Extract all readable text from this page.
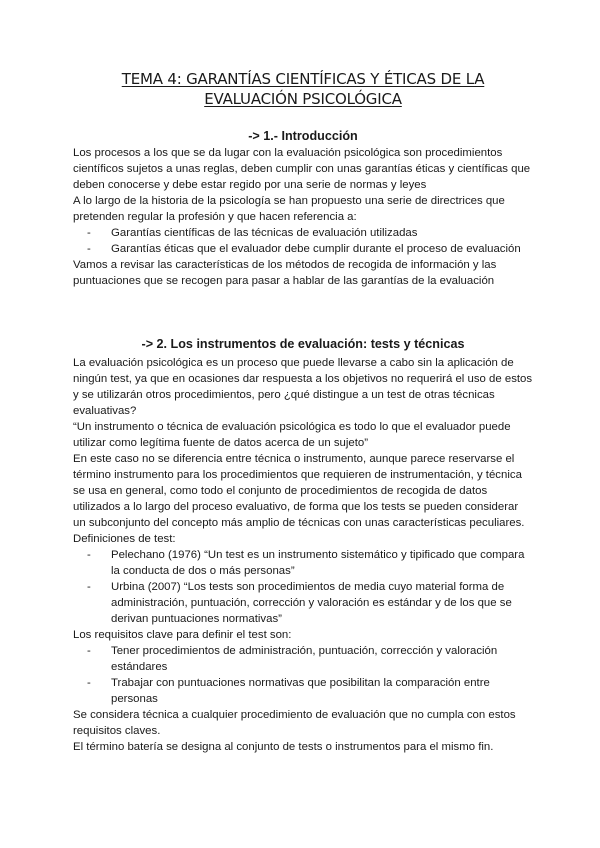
TEMA 4: GARANTÍAS CIENTÍFICAS Y ÉTICAS DE LA
EVALUACIÓN PSICOLÓGICA
-> 1.- Introducción

Los procesos a los que se da lugar con la evaluación psicológica son procedimientos científicos sujetos a unas reglas, deben cumplir con unas garantías éticas y científicas que deben conocerse y debe estar regido por una serie de normas y leyes

A lo largo de la historia de la psicología se han propuesto una serie de directrices que pretenden regular la profesión y que hacen referencia a:

- Garantías científicas de las técnicas de evaluación utilizadas
- Garantías éticas que el evaluador debe cumplir durante el proceso de evaluación

Vamos a revisar las características de los métodos de recogida de información y las puntuaciones que se recogen para pasar a hablar de las garantías de la evaluación

-> 2. Los instrumentos de evaluación: tests y técnicas

La evaluación psicológica es un proceso que puede llevarse a cabo sin la aplicación de ningún test, ya que en ocasiones dar respuesta a los objetivos no requerirá el uso de estos y se utilizarán otros procedimientos, pero ¿qué distingue a un test de otras técnicas evaluativas?

“Un instrumento o técnica de evaluación psicológica es todo lo que el evaluador puede utilizar como legítima fuente de datos acerca de un sujeto”

En este caso no se diferencia entre técnica o instrumento, aunque parece reservarse el término instrumento para los procedimientos que requieren de instrumentación, y técnica se usa en general, como todo el conjunto de procedimientos de recogida de datos utilizados a lo largo del proceso evaluativo, de forma que los tests se pueden considerar un subconjunto del concepto más amplio de técnicas con unas características peculiares.

Definiciones de test:

- Pelechano (1976) “Un test es un instrumento sistemático y tipificado que compara la conducta de dos o más personas”
- Urbina (2007) “Los tests son procedimientos de media cuyo material forma de administración, puntuación, corrección y valoración es estándar y de los que se derivan puntuaciones normativas”

Los requisitos clave para definir el test son:

- Tener procedimientos de administración, puntuación, corrección y valoración estándares
- Trabajar con puntuaciones normativas que posibilitan la comparación entre personas

Se considera técnica a cualquier procedimiento de evaluación que no cumpla con estos requisitos claves.

El término batería se designa al conjunto de tests o instrumentos para el mismo fin.
